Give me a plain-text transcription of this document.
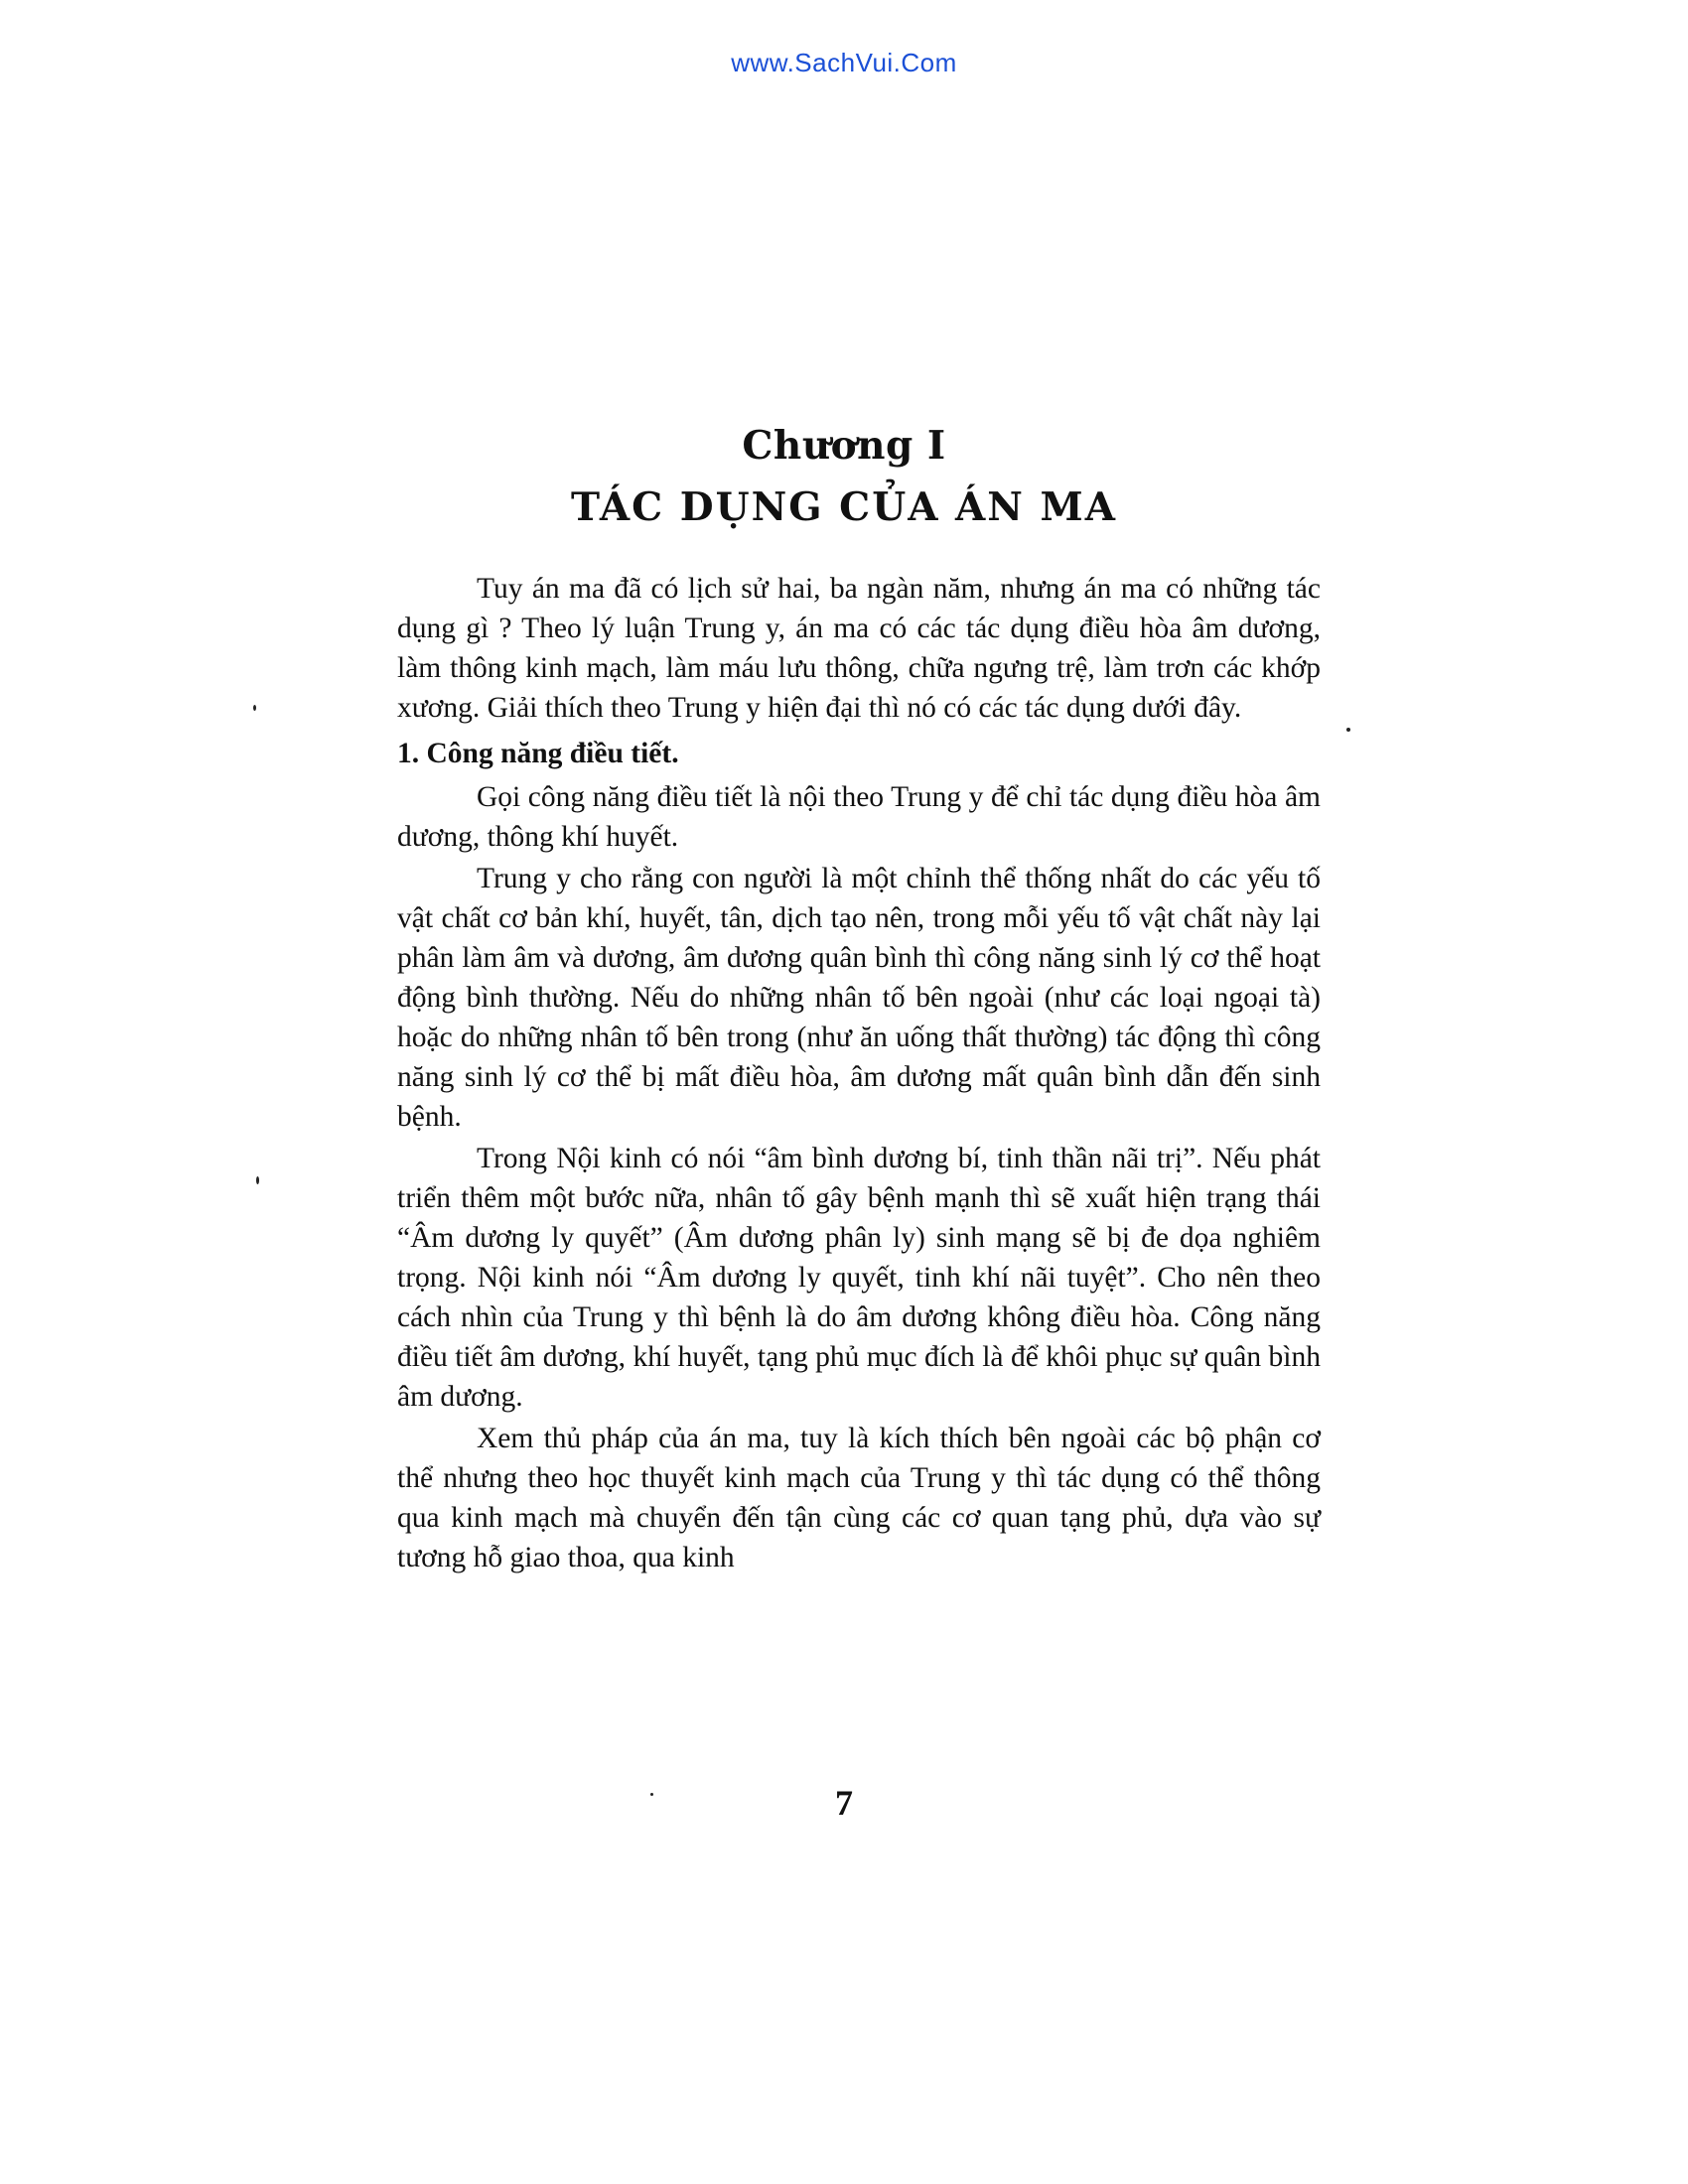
www.SachVui.Com
Chương I
TÁC DỤNG CỦA ÁN MA

Tuy án ma đã có lịch sử hai, ba ngàn năm, nhưng án ma có những tác dụng gì ? Theo lý luận Trung y, án ma có các tác dụng điều hòa âm dương, làm thông kinh mạch, làm máu lưu thông, chữa ngưng trệ, làm trơn các khớp xương. Giải thích theo Trung y hiện đại thì nó có các tác dụng dưới đây.

1. Công năng điều tiết.

Gọi công năng điều tiết là nội theo Trung y để chỉ tác dụng điều hòa âm dương, thông khí huyết.

Trung y cho rằng con người là một chỉnh thể thống nhất do các yếu tố vật chất cơ bản khí, huyết, tân, dịch tạo nên, trong mỗi yếu tố vật chất này lại phân làm âm và dương, âm dương quân bình thì công năng sinh lý cơ thể hoạt động bình thường. Nếu do những nhân tố bên ngoài (như các loại ngoại tà) hoặc do những nhân tố bên trong (như ăn uống thất thường) tác động thì công năng sinh lý cơ thể bị mất điều hòa, âm dương mất quân bình dẫn đến sinh bệnh.

Trong Nội kinh có nói “âm bình dương bí, tinh thần nãi trị”. Nếu phát triển thêm một bước nữa, nhân tố gây bệnh mạnh thì sẽ xuất hiện trạng thái “Âm dương ly quyết” (Âm dương phân ly) sinh mạng sẽ bị đe dọa nghiêm trọng. Nội kinh nói “Âm dương ly quyết, tinh khí nãi tuyệt”. Cho nên theo cách nhìn của Trung y thì bệnh là do âm dương không điều hòa. Công năng điều tiết âm dương, khí huyết, tạng phủ mục đích là để khôi phục sự quân bình âm dương.

Xem thủ pháp của án ma, tuy là kích thích bên ngoài các bộ phận cơ thể nhưng theo học thuyết kinh mạch của Trung y thì tác dụng có thể thông qua kinh mạch mà chuyển đến tận cùng các cơ quan tạng phủ, dựa vào sự tương hỗ giao thoa, qua kinh

7
